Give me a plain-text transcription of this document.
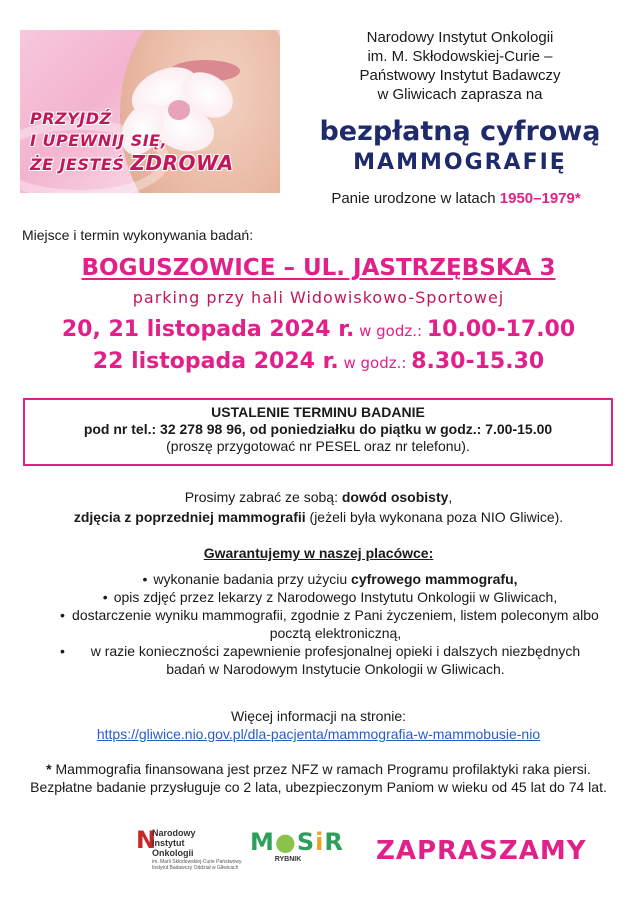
PRZYJDŹ
I UPEWNIJ SIĘ,
ŻE JESTEŚ ZDROWA
Narodowy Instytut Onkologii
im. M. Skłodowskiej-Curie –
Państwowy Instytut Badawczy
w Gliwicach zaprasza na
bezpłatną cyfrową
MAMMOGRAFIĘ
Panie urodzone w latach 1950–1979*
Miejsce i termin wykonywania badań:
BOGUSZOWICE – UL. JASTRZĘBSKA 3
parking przy hali Widowiskowo-Sportowej
20, 21 listopada 2024 r. w godz.: 10.00-17.00
22 listopada 2024 r. w godz.: 8.30-15.30
USTALENIE TERMINU BADANIE
pod nr tel.: 32 278 98 96, od poniedziałku do piątku w godz.: 7.00-15.00
(proszę przygotować nr PESEL oraz nr telefonu).
Prosimy zabrać ze sobą: dowód osobisty,
zdjęcia z poprzedniej mammografii (jeżeli była wykonana poza NIO Gliwice).
Gwarantujemy w naszej placówce:
• wykonanie badania przy użyciu cyfrowego mammografu,
• opis zdjęć przez lekarzy z Narodowego Instytutu Onkologii w Gliwicach,
• dostarczenie wyniku mammografii, zgodnie z Pani życzeniem, listem poleconym albo pocztą elektroniczną,
•	w razie konieczności zapewnienie profesjonalnej opieki i dalszych niezbędnych badań w Narodowym Instytucie Onkologii w Gliwicach.
Więcej informacji na stronie:
https://gliwice.nio.gov.pl/dla-pacjenta/mammografia-w-mammobusie-nio
* Mammografia finansowana jest przez NFZ w ramach Programu profilaktyki raka piersi.
Bezpłatne badanie przysługuje co 2 lata, ubezpieczonym Paniom w wieku od 45 lat do 74 lat.
N
Narodowy
Instytut
Onkologii
im. Marii Skłodowskiej-Curie Państwowy Instytut Badawczy Oddział w Gliwicach
M●SiR
RYBNIK	ZAPRASZAMY
